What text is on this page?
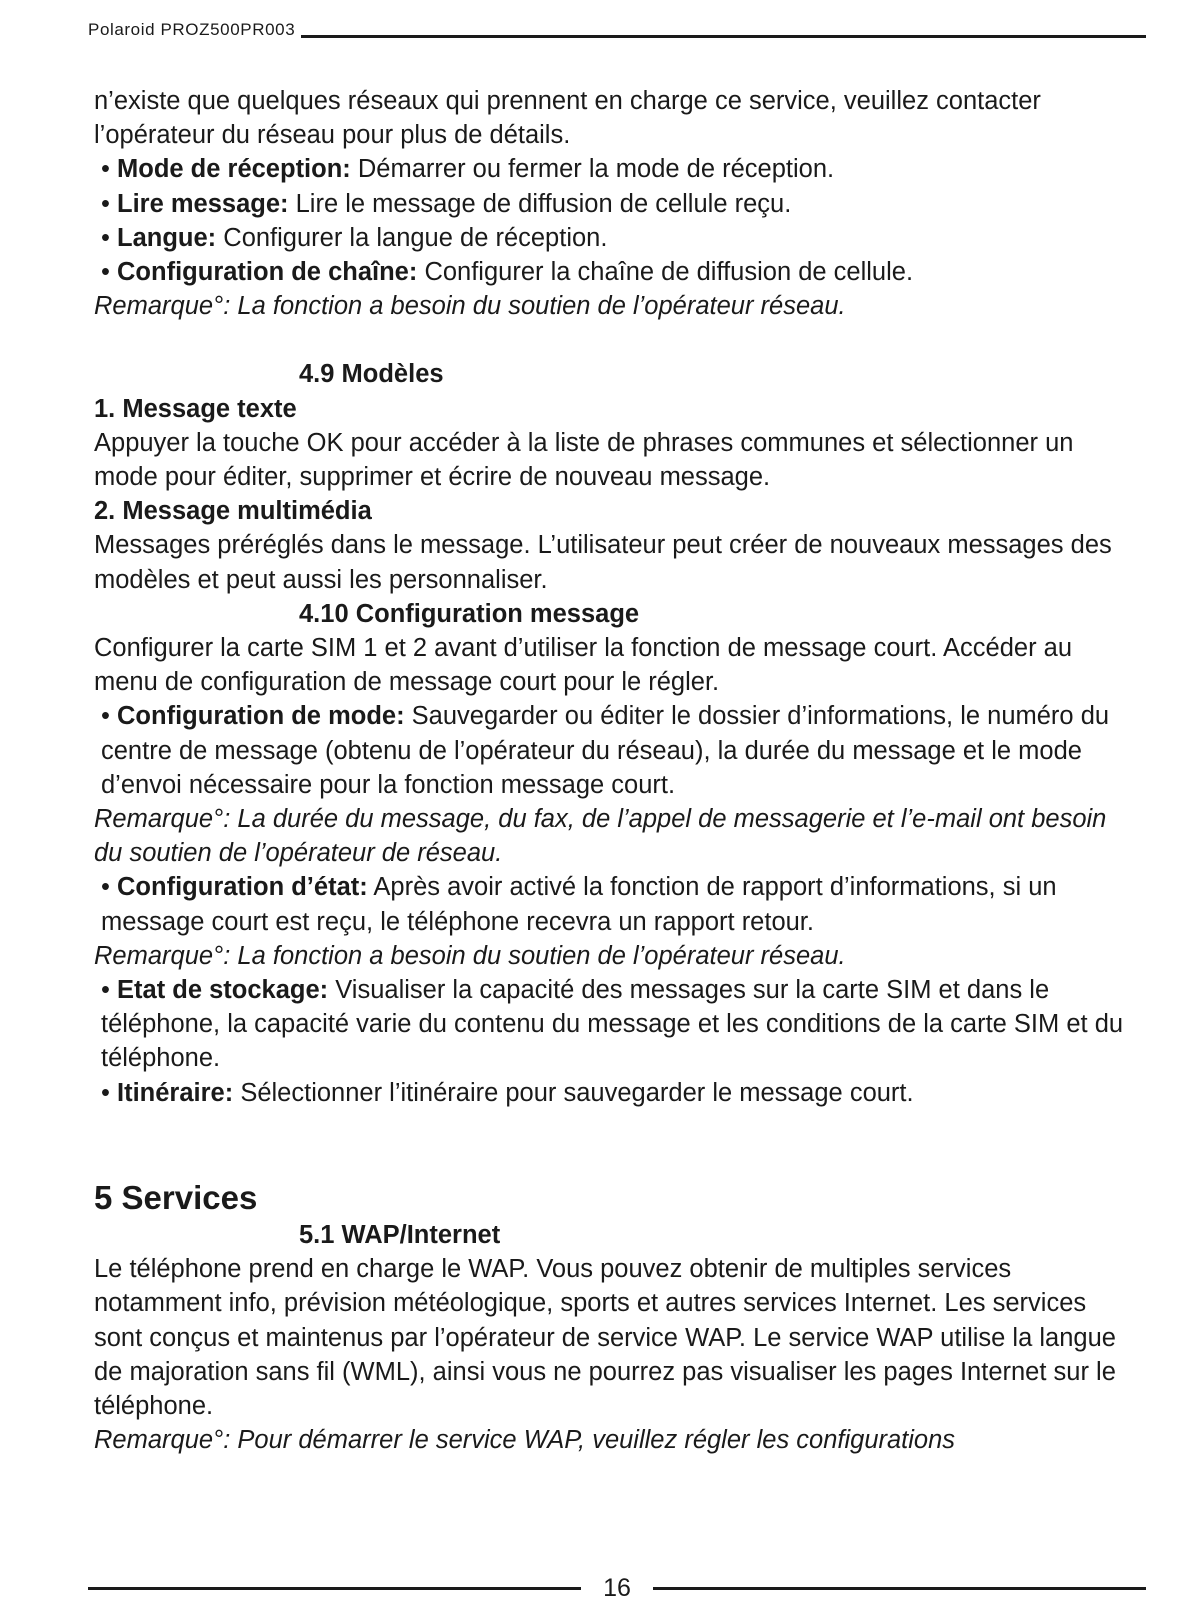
Polaroid PROZ500PR003

n’existe que quelques réseaux qui prennent en charge ce service, veuillez contacter l’opérateur du réseau pour plus de détails.

• Mode de réception: Démarrer ou fermer la mode de réception.

• Lire message: Lire le message de diffusion de cellule reçu.

• Langue: Configurer la langue de réception.

• Configuration de chaîne: Configurer la chaîne de diffusion de cellule.

Remarque°: La fonction a besoin du soutien de l’opérateur réseau.

4.9 Modèles

1. Message texte

Appuyer la touche OK pour accéder à la liste de phrases communes et sélectionner un mode pour éditer, supprimer et écrire de nouveau message.

2. Message multimédia

Messages préréglés dans le message. L’utilisateur peut créer de nouveaux messages des modèles et peut aussi les personnaliser.

4.10 Configuration message

Configurer la carte SIM 1 et 2 avant d’utiliser la fonction de message court. Accéder au menu de configuration de message court pour le régler.

• Configuration de mode: Sauvegarder ou éditer le dossier d’informations, le numéro du centre de message (obtenu de l’opérateur du réseau), la durée du message et le mode d’envoi nécessaire pour la fonction message court.

Remarque°: La durée du message, du fax, de l’appel de messagerie et l’e-mail ont besoin du soutien de l’opérateur de réseau.

• Configuration d’état: Après avoir activé la fonction de rapport d’informations, si un message court est reçu, le téléphone recevra un rapport retour.

Remarque°: La fonction a besoin du soutien de l’opérateur réseau.

• Etat de stockage: Visualiser la capacité des messages sur la carte SIM et dans le téléphone, la capacité varie du contenu du message et les conditions de la carte SIM et du téléphone.

• Itinéraire: Sélectionner l’itinéraire pour sauvegarder le message court.

5 Services

5.1 WAP/Internet

Le téléphone prend en charge le WAP. Vous pouvez obtenir de multiples services notamment info, prévision météologique, sports et autres services Internet. Les services sont conçus et maintenus par l’opérateur de service WAP. Le service WAP utilise la langue de majoration sans fil (WML), ainsi vous ne pourrez pas visualiser les pages Internet sur le téléphone.

Remarque°: Pour démarrer le service WAP, veuillez régler les configurations

16
